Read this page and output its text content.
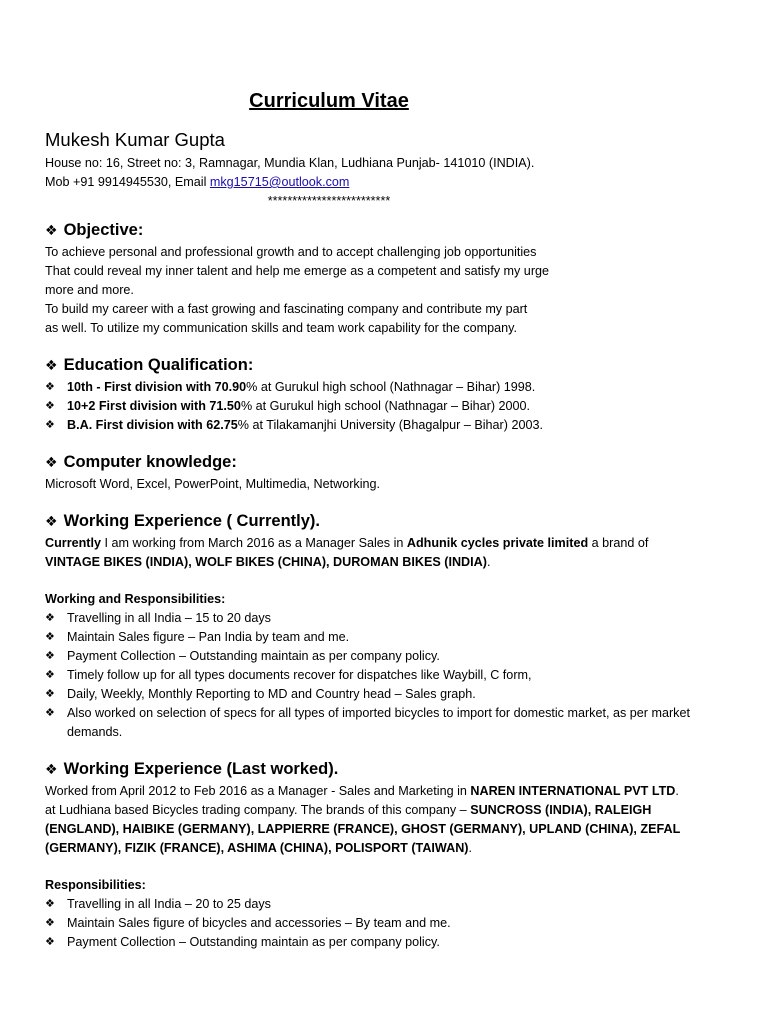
Curriculum Vitae
Mukesh Kumar Gupta

House no: 16, Street no: 3, Ramnagar, Mundia Klan, Ludhiana Punjab- 141010 (INDIA).

Mob +91 9914945530, Email mkg15715@outlook.com

*************************

❖ Objective:

To achieve personal and professional growth and to accept challenging job opportunities

That could reveal my inner talent and help me emerge as a competent and satisfy my urge

more and more.

To build my career with a fast growing and fascinating company and contribute my part

as well. To utilize my communication skills and team work capability for the company.

❖ Education Qualification:
❖ 10th - First division with 70.90% at Gurukul high school (Nathnagar – Bihar) 1998.
❖ 10+2 First division with 71.50% at Gurukul high school (Nathnagar – Bihar) 2000.
❖ B.A. First division with 62.75% at Tilakamanjhi University (Bhagalpur – Bihar) 2003.
❖ Computer knowledge:

Microsoft Word, Excel, PowerPoint, Multimedia, Networking.

❖ Working Experience ( Currently).

Currently I am working from March 2016 as a Manager Sales in Adhunik cycles private limited a brand of

VINTAGE BIKES (INDIA), WOLF BIKES (CHINA), DUROMAN BIKES (INDIA).

Working and Responsibilities:

❖ Travelling in all India – 15 to 20 days
❖ Maintain Sales figure – Pan India by team and me.
❖ Payment Collection – Outstanding maintain as per company policy.
❖ Timely follow up for all types documents recover for dispatches like Waybill, C form,
❖ Daily, Weekly, Monthly Reporting to MD and Country head – Sales graph.
❖ Also worked on selection of specs for all types of imported bicycles to import for domestic market, as per market demands.
❖ Working Experience (Last worked).

Worked from April 2012 to Feb 2016 as a Manager - Sales and Marketing in NAREN INTERNATIONAL PVT LTD.

at Ludhiana based Bicycles trading company. The brands of this company – SUNCROSS (INDIA), RALEIGH

(ENGLAND), HAIBIKE (GERMANY), LAPPIERRE (FRANCE), GHOST (GERMANY), UPLAND (CHINA), ZEFAL

(GERMANY), FIZIK (FRANCE), ASHIMA (CHINA), POLISPORT (TAIWAN).

Responsibilities:

❖ Travelling in all India – 20 to 25 days
❖ Maintain Sales figure of bicycles and accessories – By team and me.
❖ Payment Collection – Outstanding maintain as per company policy.
